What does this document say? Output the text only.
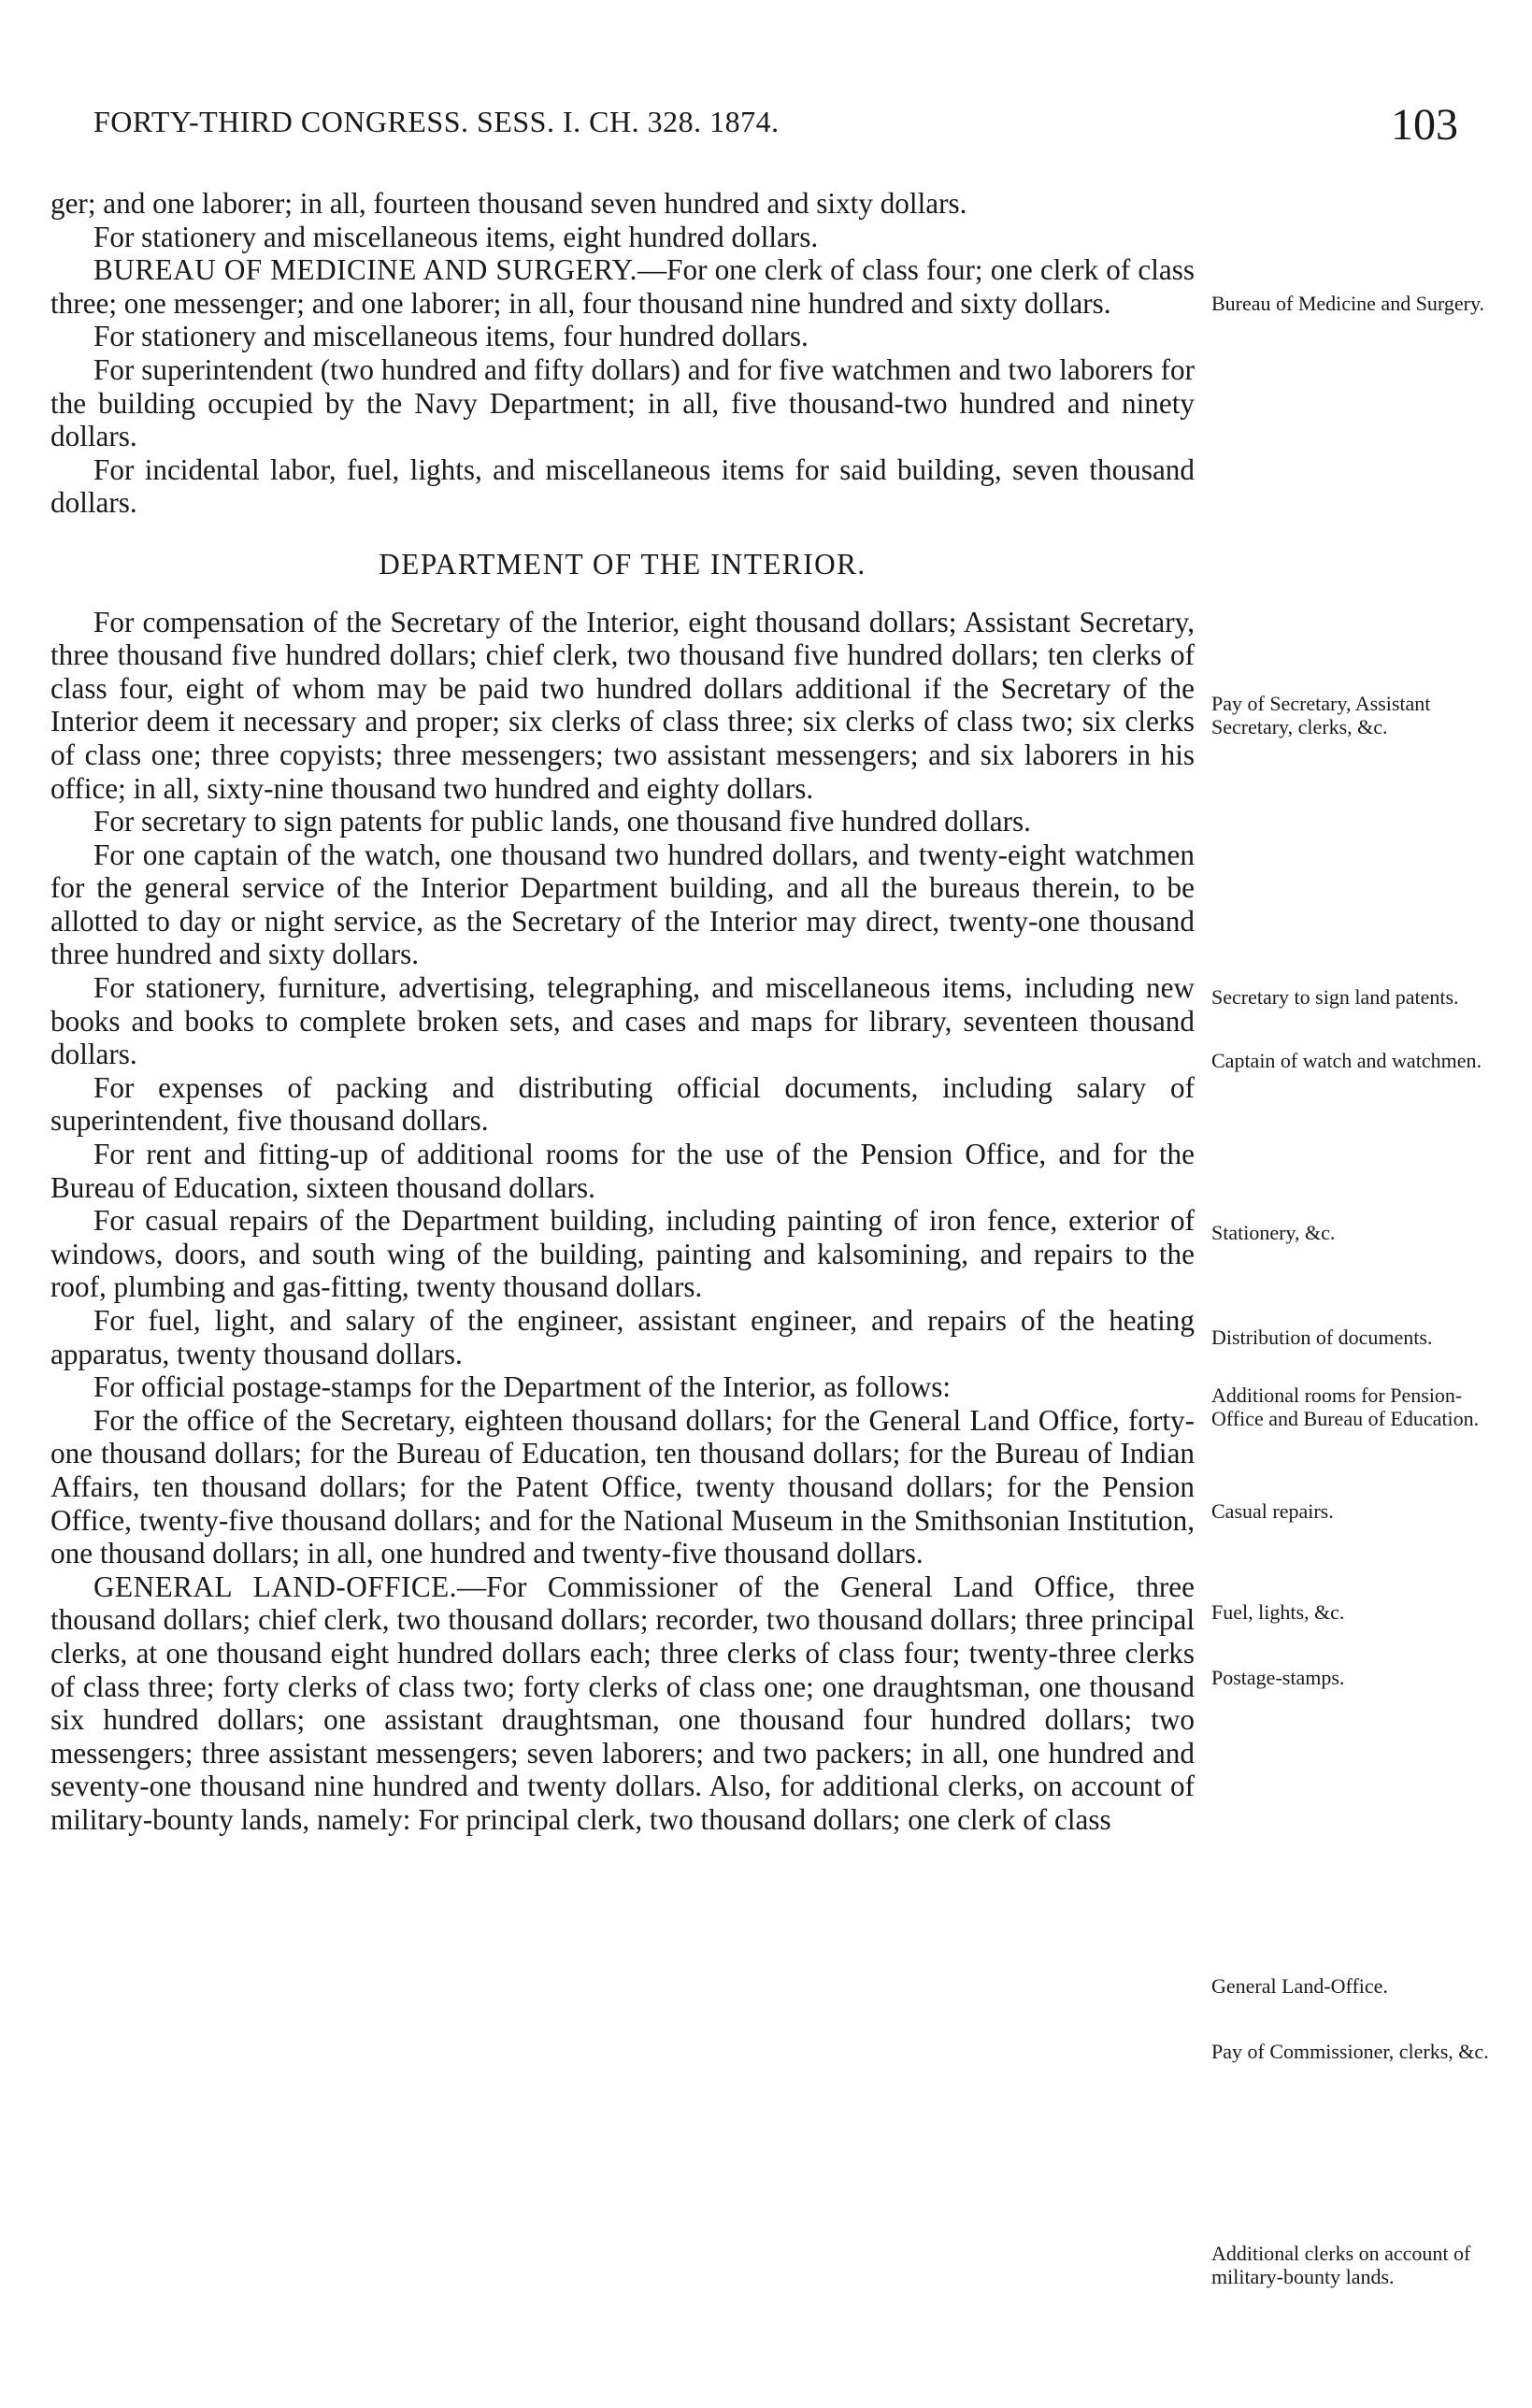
FORTY-THIRD CONGRESS. SESS. I. CH. 328. 1874.	103

ger; and one laborer; in all, fourteen thousand seven hundred and sixty dollars.

For stationery and miscellaneous items, eight hundred dollars.

BUREAU OF MEDICINE AND SURGERY.—For one clerk of class four; one clerk of class three; one messenger; and one laborer; in all, four thousand nine hundred and sixty dollars.

For stationery and miscellaneous items, four hundred dollars.

For superintendent (two hundred and fifty dollars) and for five watchmen and two laborers for the building occupied by the Navy Department; in all, five thousand-two hundred and ninety dollars.

For incidental labor, fuel, lights, and miscellaneous items for said building, seven thousand dollars.

DEPARTMENT OF THE INTERIOR.

For compensation of the Secretary of the Interior, eight thousand dollars; Assistant Secretary, three thousand five hundred dollars; chief clerk, two thousand five hundred dollars; ten clerks of class four, eight of whom may be paid two hundred dollars additional if the Secretary of the Interior deem it necessary and proper; six clerks of class three; six clerks of class two; six clerks of class one; three copyists; three messengers; two assistant messengers; and six laborers in his office; in all, sixty-nine thousand two hundred and eighty dollars.

For secretary to sign patents for public lands, one thousand five hundred dollars.

For one captain of the watch, one thousand two hundred dollars, and twenty-eight watchmen for the general service of the Interior Department building, and all the bureaus therein, to be allotted to day or night service, as the Secretary of the Interior may direct, twenty-one thousand three hundred and sixty dollars.

For stationery, furniture, advertising, telegraphing, and miscellaneous items, including new books and books to complete broken sets, and cases and maps for library, seventeen thousand dollars.

For expenses of packing and distributing official documents, including salary of superintendent, five thousand dollars.

For rent and fitting-up of additional rooms for the use of the Pension Office, and for the Bureau of Education, sixteen thousand dollars.

For casual repairs of the Department building, including painting of iron fence, exterior of windows, doors, and south wing of the building, painting and kalsomining, and repairs to the roof, plumbing and gas-fitting, twenty thousand dollars.

For fuel, light, and salary of the engineer, assistant engineer, and repairs of the heating apparatus, twenty thousand dollars.

For official postage-stamps for the Department of the Interior, as follows:

For the office of the Secretary, eighteen thousand dollars; for the General Land Office, forty-one thousand dollars; for the Bureau of Education, ten thousand dollars; for the Bureau of Indian Affairs, ten thousand dollars; for the Patent Office, twenty thousand dollars; for the Pension Office, twenty-five thousand dollars; and for the National Museum in the Smithsonian Institution, one thousand dollars; in all, one hundred and twenty-five thousand dollars.

GENERAL LAND-OFFICE.—For Commissioner of the General Land Office, three thousand dollars; chief clerk, two thousand dollars; recorder, two thousand dollars; three principal clerks, at one thousand eight hundred dollars each; three clerks of class four; twenty-three clerks of class three; forty clerks of class two; forty clerks of class one; one draughtsman, one thousand six hundred dollars; one assistant draughtsman, one thousand four hundred dollars; two messengers; three assistant messengers; seven laborers; and two packers; in all, one hundred and seventy-one thousand nine hundred and twenty dollars. Also, for additional clerks, on account of military-bounty lands, namely: For principal clerk, two thousand dollars; one clerk of class

Bureau of Medicine and Surgery.
Pay of Secretary, Assistant Secretary, clerks, &c.
Secretary to sign land patents.
Captain of watch and watchmen.
Stationery, &c.
Distribution of documents.
Additional rooms for Pension-Office and Bureau of Education.
Casual repairs.
Fuel, lights, &c.
Postage-stamps.
General Land-Office.
Pay of Commissioner, clerks, &c.
Additional clerks on account of military-bounty lands.
